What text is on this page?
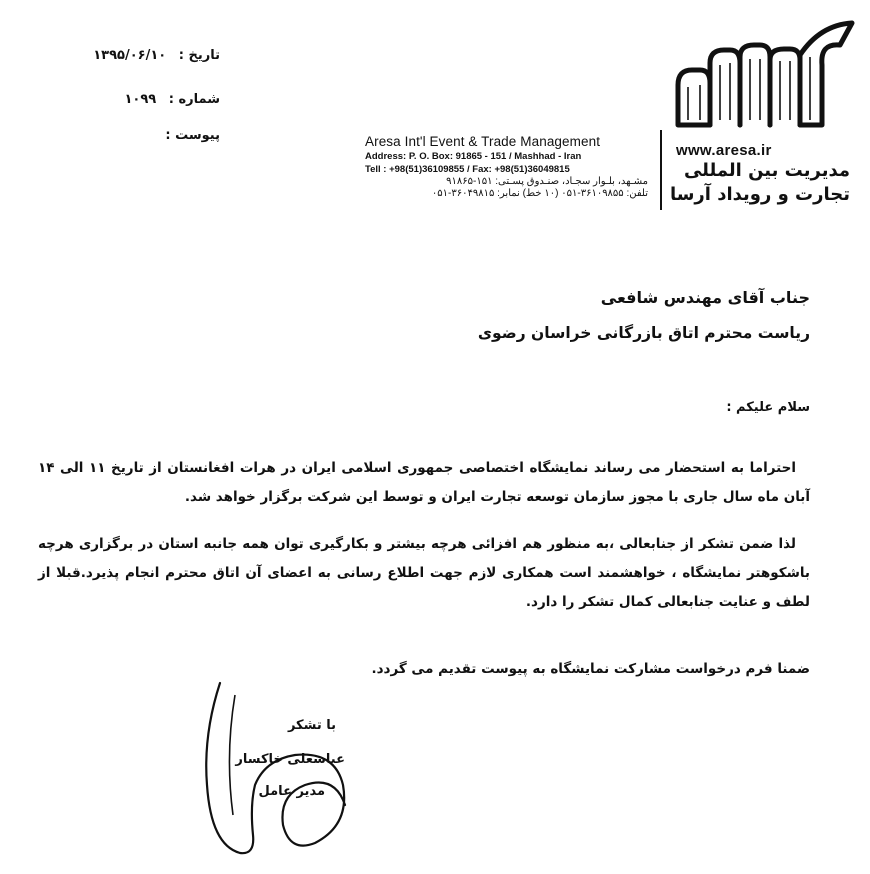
تاریخ : ۱۳۹۵/۰۶/۱۰
شماره : ۱۰۹۹
پیوست :	Aresa Int'l Event & Trade Management
Address: P. O. Box: 91865 - 151 / Mashhad - Iran
Tell : +98(51)36109855 / Fax: +98(51)36049815
مشـهد، بلـوار سجـاد، صنـدوق پسـتی: ۱۵۱-۹۱۸۶۵
تلفن: ۳۶۱۰۹۸۵۵-۰۵۱ (۱۰ خط) نمابر: ۳۶۰۴۹۸۱۵-۰۵۱
www.aresa.ir
مدیریت بین المللی
تجارت و رویداد آرسا
جناب آقای مهندس شافعی
ریاست محترم اتاق بازرگانی خراسان رضوی
سلام علیکم :
احتراما به استحضار می رساند نمایشگاه اختصاصی جمهوری اسلامی ایران در هرات افغانستان از تاریخ ۱۱ الی ۱۴ آبان ماه سال جاری با مجوز سازمان توسعه تجارت ایران و توسط این شرکت برگزار خواهد شد.
لذا ضمن تشکر از جنابعالی ،به منظور هم افزائی هرچه بیشتر و بکارگیری توان همه جانبه استان در برگزاری هرچه باشکوهتر نمایشگاه ، خواهشمند است همکاری لازم جهت اطلاع رسانی به اعضای آن اتاق محترم انجام پذیرد.قبلا از لطف و عنایت جنابعالی کمال تشکر را دارد.
ضمنا فرم درخواست مشارکت نمایشگاه به پیوست تقدیم می گردد.
با تشکر
عباسعلی خاکسار
مدیر عامل
